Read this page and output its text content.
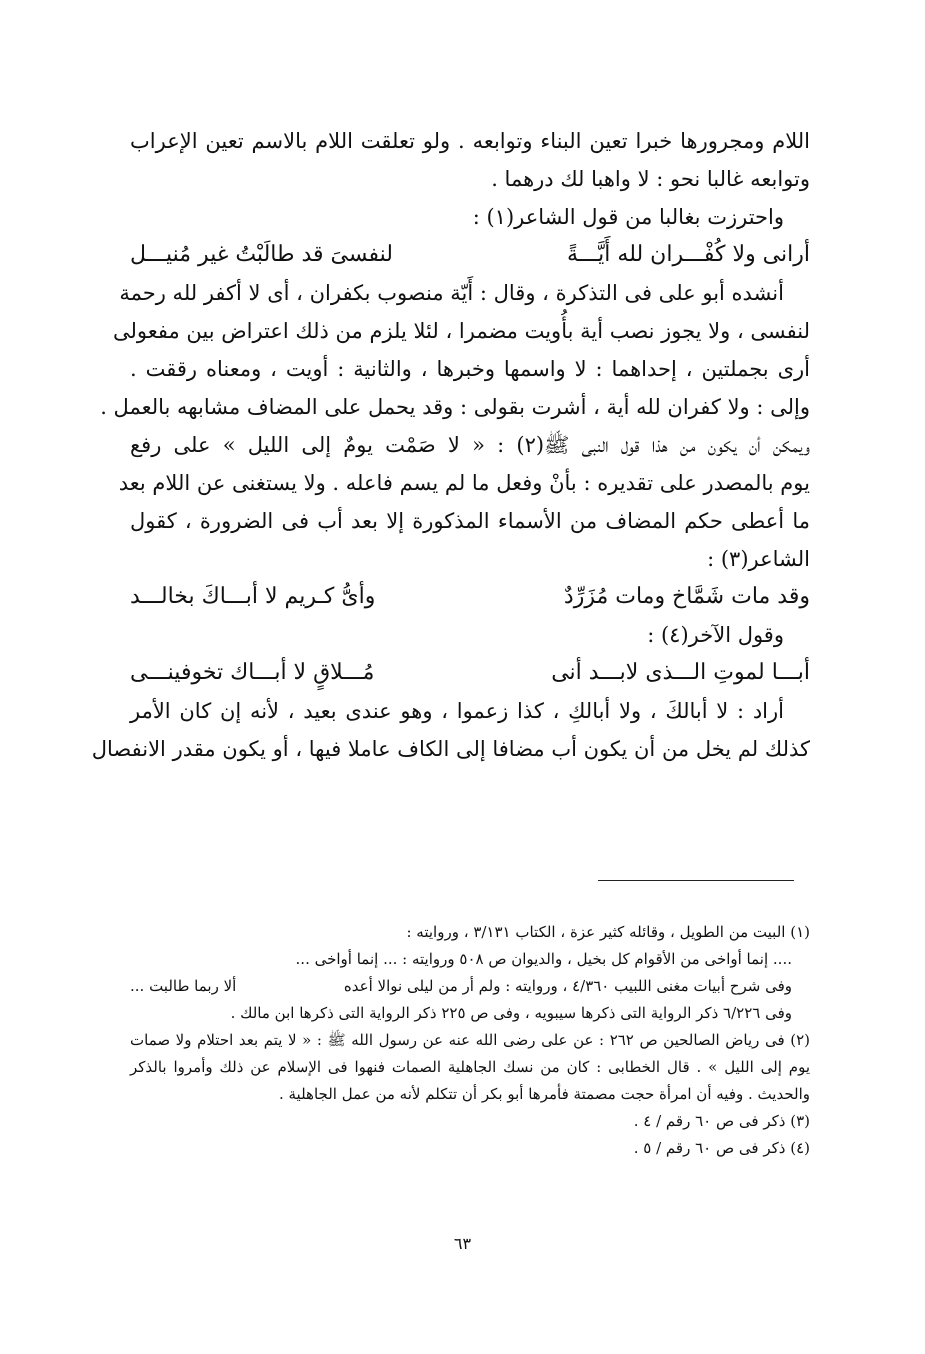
اللام ومجرورها خبرا تعين البناء وتوابعه . ولو تعلقت اللام بالاسم تعين الإعراب
وتوابعه غالبا نحو : لا واهبا لك درهما .
واحترزت بغالبا من قول الشاعر(١) :
أرانى ولا كُفْـــران لله أَيَّـــةً
لنفسىَ قد طالَبْتُ غير مُنيـــل
أنشده أبو على فى التذكرة ، وقال : أَيّة منصوب بكفران ، أى لا أكفر لله رحمة
لنفسى ، ولا يجوز نصب أية بأُويت مضمرا ، لئلا يلزم من ذلك اعتراض بين مفعولى
أرى بجملتين ، إحداهما : لا واسمها وخبرها ، والثانية : أويت ، ومعناه رققت .
وإلى : ولا كفران لله أية ، أشرت بقولى : وقد يحمل على المضاف مشابهه بالعمل .
ويمكن أن يكون من هذا قول النبى ﷺ(٢) : « لا صَمْت يومٌ إلى الليل » على رفع
يوم بالمصدر على تقديره : بأنْ وفعل ما لم يسم فاعله . ولا يستغنى عن اللام بعد
ما أعطى حكم المضاف من الأسماء المذكورة إلا بعد أب فى الضرورة ، كقول
الشاعر(٣) :
وقد مات شَمَّاخ ومات مُزَرِّدٌ
وأىُّ كـريم لا أبـــاكَ بخالـــد
وقول الآخر(٤) :
أبـــا لموتِ الـــذى لابـــد أنى
مُـــلاقٍ لا أبـــاك تخوفينـــى
أراد : لا أبالكَ ، ولا أبالكِ ، كذا زعموا ، وهو عندى بعيد ، لأنه إن كان الأمر
كذلك لم يخل من أن يكون أب مضافا إلى الكاف عاملا فيها ، أو يكون مقدر الانفصال
(١) البيت من الطويل ، وقائله كثير عزة ، الكتاب ٣/١٣١ ، وروايته :
.... إنما أواخى من الأقوام كل بخيل ، والديوان ص ٥٠٨ وروايته : ... إنما أواخى ...
وفى شرح أبيات مغنى اللبيب ٤/٣٦٠ ، وروايته : ولم أر من ليلى نوالا أعده
ألا ربما طالبت ...
وفى ٦/٢٢٦ ذكر الرواية التى ذكرها سيبويه ، وفى ص ٢٢٥ ذكر الرواية التى ذكرها ابن مالك .
(٢) فى رياض الصالحين ص ٢٦٢ : عن على رضى الله عنه عن رسول الله ﷺ : « لا يتم بعد احتلام ولا صمات
يوم إلى الليل » . قال الخطابى : كان من نسك الجاهلية الصمات فنهوا فى الإسلام عن ذلك وأمروا بالذكر
والحديث . وفيه أن امرأة حجت مصمتة فأمرها أبو بكر أن تتكلم لأنه من عمل الجاهلية .
(٣) ذكر فى ص ٦٠ رقم / ٤ .
(٤) ذكر فى ص ٦٠ رقم / ٥ .
٦٣
